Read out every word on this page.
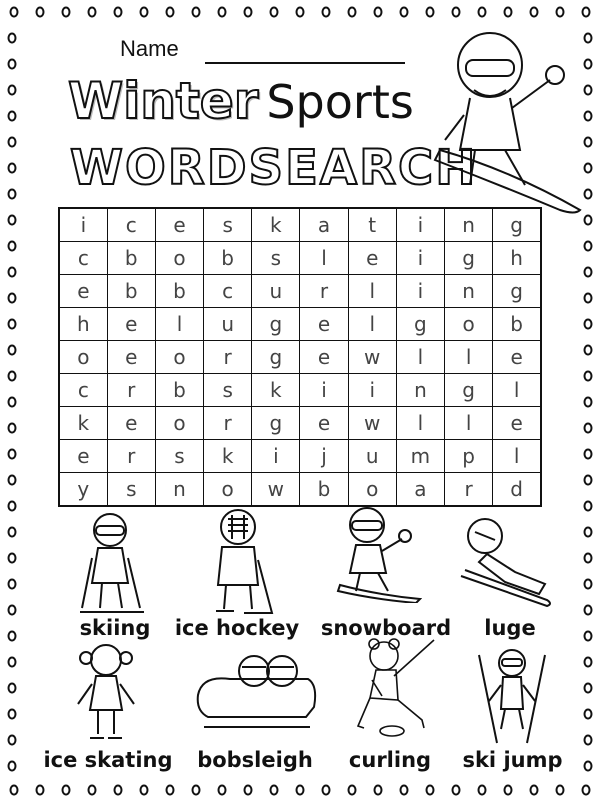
Name
Winter Sports
WORDSEARCH
i	c	e	s	k	a	t	i	n	g
c	b	o	b	s	l	e	i	g	h
e	b	b	c	u	r	l	i	n	g
h	e	l	u	g	e	l	g	o	b
o	e	o	r	g	e	w	l	l	e
c	r	b	s	k	i	i	n	g	l
k	e	o	r	g	e	w	l	l	e
e	r	s	k	i	j	u	m	p	l
y	s	n	o	w	b	o	a	r	d
skiing	ice hockey snowboard	luge
ice skating	bobsleigh	curling	ski jump
